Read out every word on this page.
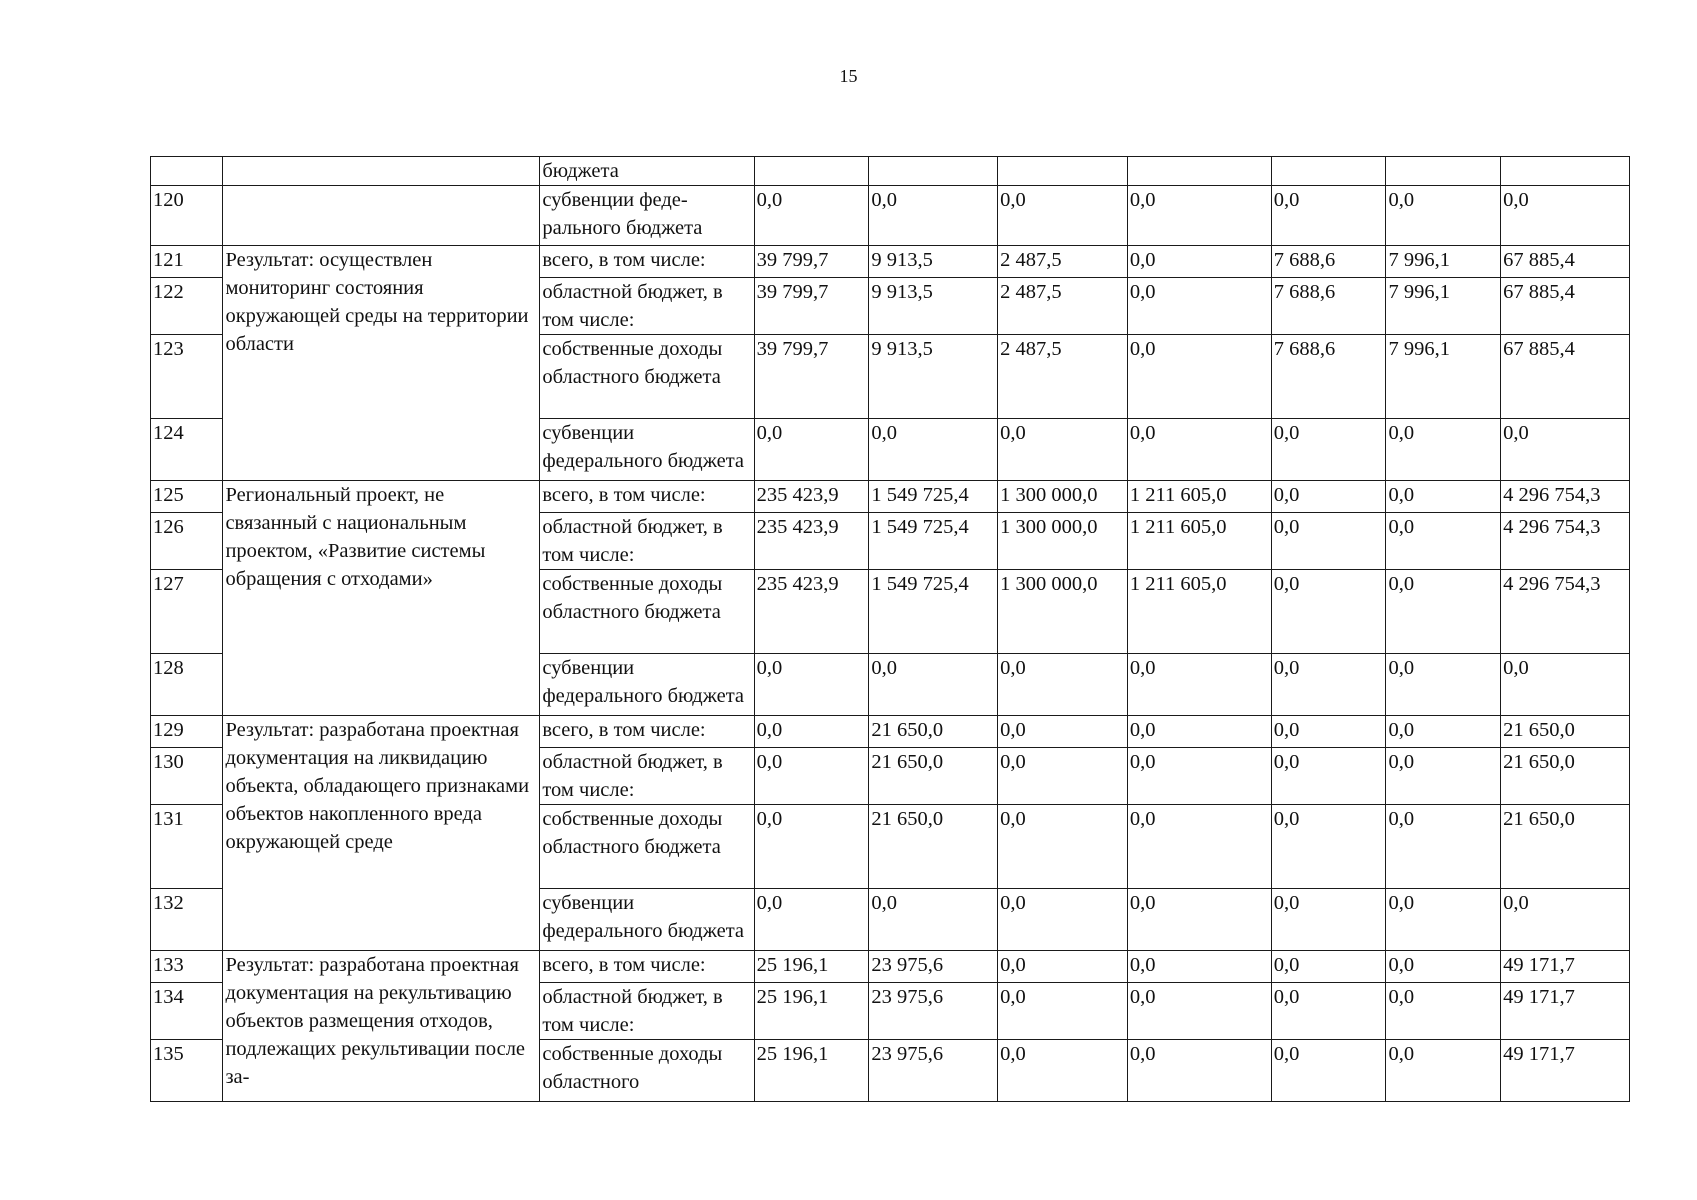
15
		бюджета							
120		субвенции феде-ральнoго бюджета	0,0	0,0	0,0	0,0	0,0	0,0	0,0
121	Результат: осуществлен мониторинг состояния окружающей среды на территории области	всего, в том числе:	39 799,7	9 913,5	2 487,5	0,0	7 688,6	7 996,1	67 885,4
122		областной бюджет, в том числе:	39 799,7	9 913,5	2 487,5	0,0	7 688,6	7 996,1	67 885,4
123		собственные доходы областного бюджета	39 799,7	9 913,5	2 487,5	0,0	7 688,6	7 996,1	67 885,4
124		субвенции федерального бюджета	0,0	0,0	0,0	0,0	0,0	0,0	0,0
125	Региональный проект, не связанный с национальным проектом, «Развитие системы обращения с отходами»	всего, в том числе:	235 423,9	1 549 725,4	1 300 000,0	1 211 605,0	0,0	0,0	4 296 754,3
126		областной бюджет, в том числе:	235 423,9	1 549 725,4	1 300 000,0	1 211 605,0	0,0	0,0	4 296 754,3
127		собственные доходы областного бюджета	235 423,9	1 549 725,4	1 300 000,0	1 211 605,0	0,0	0,0	4 296 754,3
128		субвенции федерального бюджета	0,0	0,0	0,0	0,0	0,0	0,0	0,0
129	Результат: разработана проектная документация на ликвидацию объекта, обладающего признаками объектов накопленного вреда окружающей среде	всего, в том числе:	0,0	21 650,0	0,0	0,0	0,0	0,0	21 650,0
130		областной бюджет, в том числе:	0,0	21 650,0	0,0	0,0	0,0	0,0	21 650,0
131		собственные доходы областного бюджета	0,0	21 650,0	0,0	0,0	0,0	0,0	21 650,0
132		субвенции федерального бюджета	0,0	0,0	0,0	0,0	0,0	0,0	0,0
133	Результат: разработана проектная документация на рекультивацию объектов размещения отходов, подлежащих рекультивации после за-	всего, в том числе:	25 196,1	23 975,6	0,0	0,0	0,0	0,0	49 171,7
134		областной бюджет, в том числе:	25 196,1	23 975,6	0,0	0,0	0,0	0,0	49 171,7
135		собственные доходы областного	25 196,1	23 975,6	0,0	0,0	0,0	0,0	49 171,7
